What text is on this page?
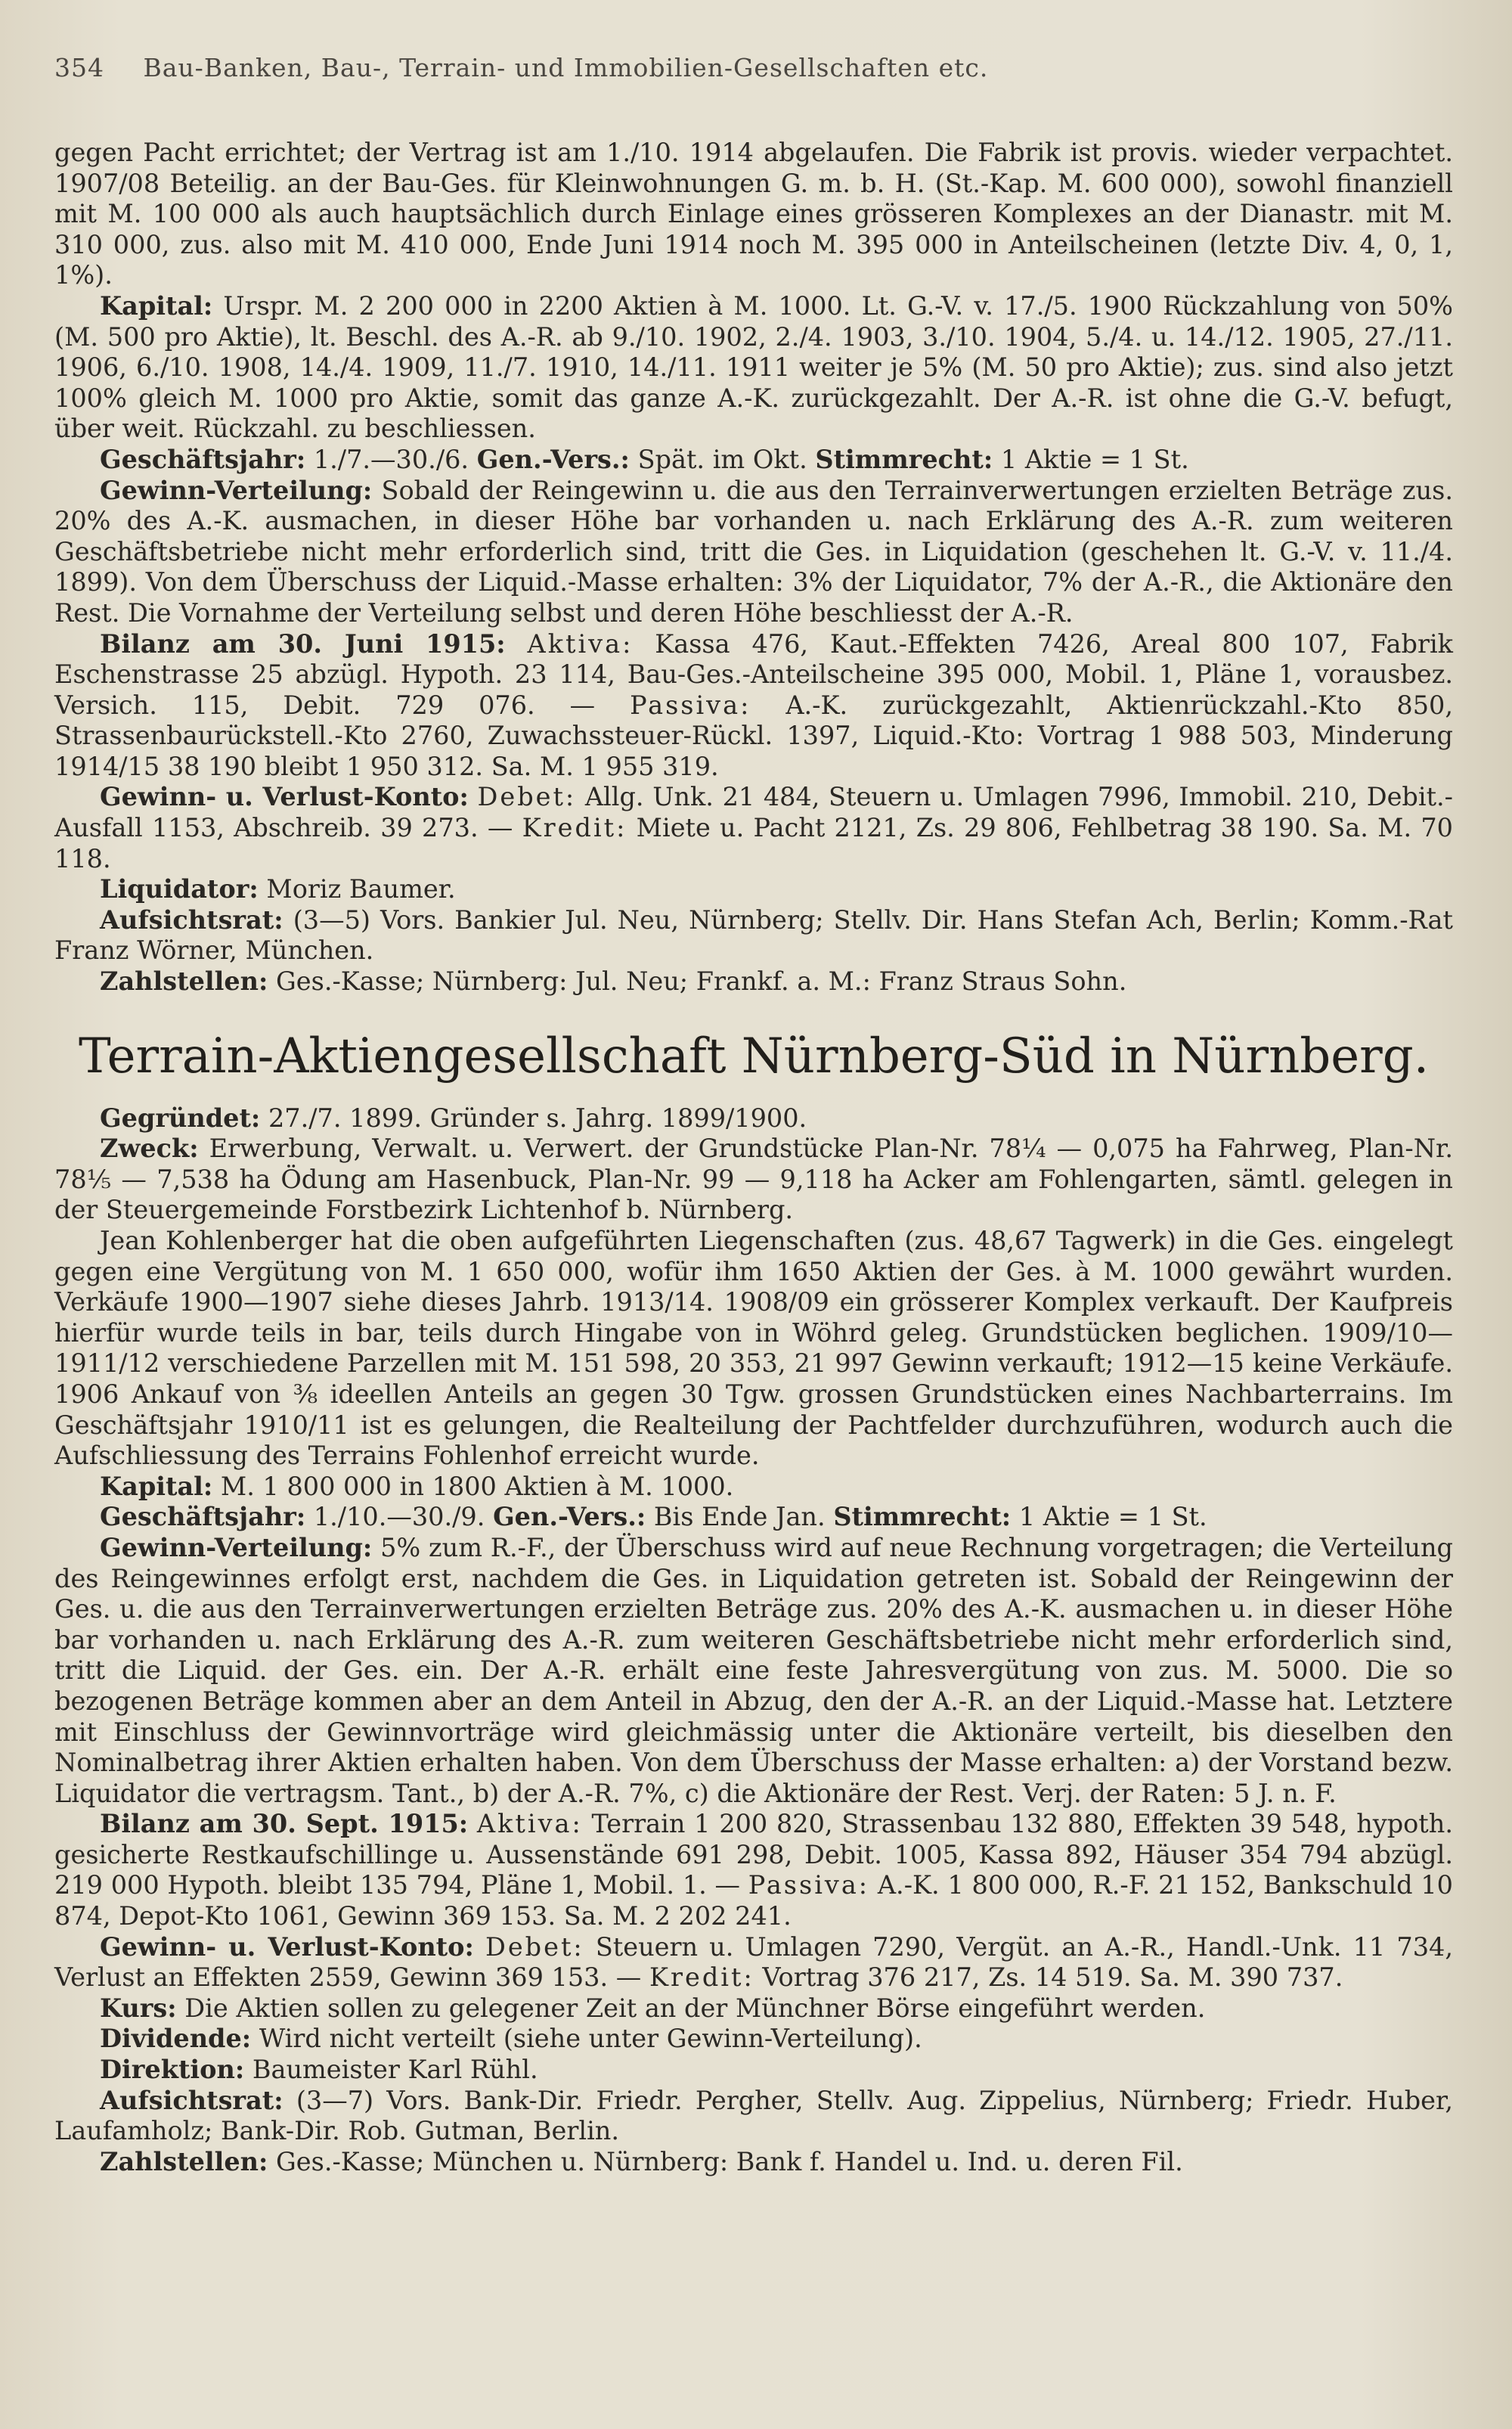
354 Bau-Banken, Bau-, Terrain- und Immobilien-Gesellschaften etc.

gegen Pacht errichtet; der Vertrag ist am 1./10. 1914 abgelaufen. Die Fabrik ist provis. wieder verpachtet. 1907/08 Beteilig. an der Bau-Ges. für Kleinwohnungen G. m. b. H. (St.-Kap. M. 600 000), sowohl finanziell mit M. 100 000 als auch hauptsächlich durch Einlage eines grösseren Komplexes an der Dianastr. mit M. 310 000, zus. also mit M. 410 000, Ende Juni 1914 noch M. 395 000 in Anteilscheinen (letzte Div. 4, 0, 1, 1%).

Kapital: Urspr. M. 2 200 000 in 2200 Aktien à M. 1000. Lt. G.-V. v. 17./5. 1900 Rückzahlung von 50% (M. 500 pro Aktie), lt. Beschl. des A.-R. ab 9./10. 1902, 2./4. 1903, 3./10. 1904, 5./4. u. 14./12. 1905, 27./11. 1906, 6./10. 1908, 14./4. 1909, 11./7. 1910, 14./11. 1911 weiter je 5% (M. 50 pro Aktie); zus. sind also jetzt 100% gleich M. 1000 pro Aktie, somit das ganze A.-K. zurückgezahlt. Der A.-R. ist ohne die G.-V. befugt, über weit. Rückzahl. zu beschliessen.

Geschäftsjahr: 1./7.—30./6. Gen.-Vers.: Spät. im Okt. Stimmrecht: 1 Aktie = 1 St.

Gewinn-Verteilung: Sobald der Reingewinn u. die aus den Terrainverwertungen erzielten Beträge zus. 20% des A.-K. ausmachen, in dieser Höhe bar vorhanden u. nach Erklärung des A.-R. zum weiteren Geschäftsbetriebe nicht mehr erforderlich sind, tritt die Ges. in Liquidation (geschehen lt. G.-V. v. 11./4. 1899). Von dem Überschuss der Liquid.-Masse erhalten: 3% der Liquidator, 7% der A.-R., die Aktionäre den Rest. Die Vornahme der Verteilung selbst und deren Höhe beschliesst der A.-R.

Bilanz am 30. Juni 1915: Aktiva: Kassa 476, Kaut.-Effekten 7426, Areal 800 107, Fabrik Eschenstrasse 25 abzügl. Hypoth. 23 114, Bau-Ges.-Anteilscheine 395 000, Mobil. 1, Pläne 1, vorausbez. Versich. 115, Debit. 729 076. — Passiva: A.-K. zurückgezahlt, Aktienrückzahl.-Kto 850, Strassenbaurückstell.-Kto 2760, Zuwachssteuer-Rückl. 1397, Liquid.-Kto: Vortrag 1 988 503, Minderung 1914/15 38 190 bleibt 1 950 312. Sa. M. 1 955 319.

Gewinn- u. Verlust-Konto: Debet: Allg. Unk. 21 484, Steuern u. Umlagen 7996, Immobil. 210, Debit.-Ausfall 1153, Abschreib. 39 273. — Kredit: Miete u. Pacht 2121, Zs. 29 806, Fehlbetrag 38 190. Sa. M. 70 118.

Liquidator: Moriz Baumer.

Aufsichtsrat: (3—5) Vors. Bankier Jul. Neu, Nürnberg; Stellv. Dir. Hans Stefan Ach, Berlin; Komm.-Rat Franz Wörner, München.

Zahlstellen: Ges.-Kasse; Nürnberg: Jul. Neu; Frankf. a. M.: Franz Straus Sohn.

Terrain-Aktiengesellschaft Nürnberg-Süd in Nürnberg.

Gegründet: 27./7. 1899. Gründer s. Jahrg. 1899/1900.

Zweck: Erwerbung, Verwalt. u. Verwert. der Grundstücke Plan-Nr. 78¼ — 0,075 ha Fahrweg, Plan-Nr. 78⅕ — 7,538 ha Ödung am Hasenbuck, Plan-Nr. 99 — 9,118 ha Acker am Fohlengarten, sämtl. gelegen in der Steuergemeinde Forstbezirk Lichtenhof b. Nürnberg.

Jean Kohlenberger hat die oben aufgeführten Liegenschaften (zus. 48,67 Tagwerk) in die Ges. eingelegt gegen eine Vergütung von M. 1 650 000, wofür ihm 1650 Aktien der Ges. à M. 1000 gewährt wurden. Verkäufe 1900—1907 siehe dieses Jahrb. 1913/14. 1908/09 ein grösserer Komplex verkauft. Der Kaufpreis hierfür wurde teils in bar, teils durch Hingabe von in Wöhrd geleg. Grundstücken beglichen. 1909/10—1911/12 verschiedene Parzellen mit M. 151 598, 20 353, 21 997 Gewinn verkauft; 1912—15 keine Verkäufe. 1906 Ankauf von ⅜ ideellen Anteils an gegen 30 Tgw. grossen Grundstücken eines Nachbarterrains. Im Geschäftsjahr 1910/11 ist es gelungen, die Realteilung der Pachtfelder durchzuführen, wodurch auch die Aufschliessung des Terrains Fohlenhof erreicht wurde.

Kapital: M. 1 800 000 in 1800 Aktien à M. 1000.

Geschäftsjahr: 1./10.—30./9. Gen.-Vers.: Bis Ende Jan. Stimmrecht: 1 Aktie = 1 St.

Gewinn-Verteilung: 5% zum R.-F., der Überschuss wird auf neue Rechnung vorgetragen; die Verteilung des Reingewinnes erfolgt erst, nachdem die Ges. in Liquidation getreten ist. Sobald der Reingewinn der Ges. u. die aus den Terrainverwertungen erzielten Beträge zus. 20% des A.-K. ausmachen u. in dieser Höhe bar vorhanden u. nach Erklärung des A.-R. zum weiteren Geschäftsbetriebe nicht mehr erforderlich sind, tritt die Liquid. der Ges. ein. Der A.-R. erhält eine feste Jahresvergütung von zus. M. 5000. Die so bezogenen Beträge kommen aber an dem Anteil in Abzug, den der A.-R. an der Liquid.-Masse hat. Letztere mit Einschluss der Gewinnvorträge wird gleichmässig unter die Aktionäre verteilt, bis dieselben den Nominalbetrag ihrer Aktien erhalten haben. Von dem Überschuss der Masse erhalten: a) der Vorstand bezw. Liquidator die vertragsm. Tant., b) der A.-R. 7%, c) die Aktionäre der Rest. Verj. der Raten: 5 J. n. F.

Bilanz am 30. Sept. 1915: Aktiva: Terrain 1 200 820, Strassenbau 132 880, Effekten 39 548, hypoth. gesicherte Restkaufschillinge u. Aussenstände 691 298, Debit. 1005, Kassa 892, Häuser 354 794 abzügl. 219 000 Hypoth. bleibt 135 794, Pläne 1, Mobil. 1. — Passiva: A.-K. 1 800 000, R.-F. 21 152, Bankschuld 10 874, Depot-Kto 1061, Gewinn 369 153. Sa. M. 2 202 241.

Gewinn- u. Verlust-Konto: Debet: Steuern u. Umlagen 7290, Vergüt. an A.-R., Handl.-Unk. 11 734, Verlust an Effekten 2559, Gewinn 369 153. — Kredit: Vortrag 376 217, Zs. 14 519. Sa. M. 390 737.

Kurs: Die Aktien sollen zu gelegener Zeit an der Münchner Börse eingeführt werden.

Dividende: Wird nicht verteilt (siehe unter Gewinn-Verteilung).

Direktion: Baumeister Karl Rühl.

Aufsichtsrat: (3—7) Vors. Bank-Dir. Friedr. Pergher, Stellv. Aug. Zippelius, Nürnberg; Friedr. Huber, Laufamholz; Bank-Dir. Rob. Gutman, Berlin.

Zahlstellen: Ges.-Kasse; München u. Nürnberg: Bank f. Handel u. Ind. u. deren Fil.
